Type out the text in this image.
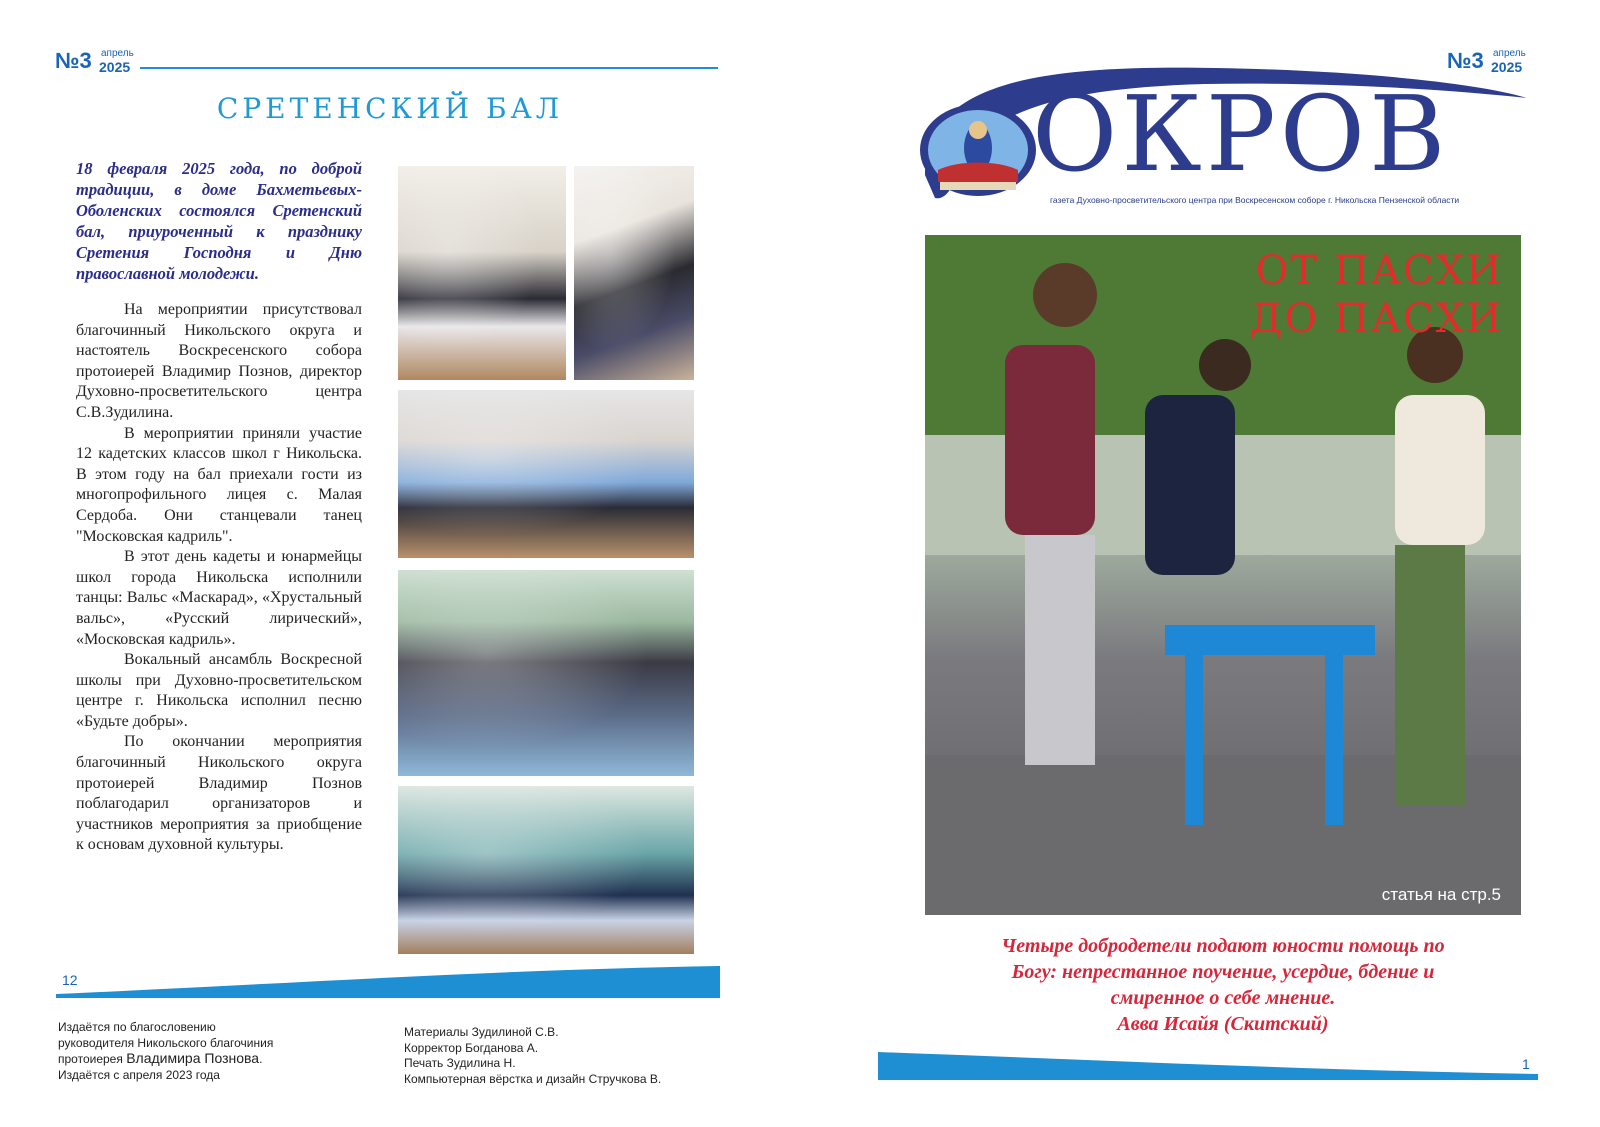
№3 апрель
2025
СРЕТЕНСКИЙ БАЛ
18 февраля 2025 года, по доброй традиции, в доме Бахметьевых-Оболенских состоялся Сретенский бал, приуроченный к празднику Сретения Господня и Дню православной молодежи.

На мероприятии присутствовал благочинный Никольского округа и настоятель Воскресенского собора протоиерей Владимир Познов, директор Духовно-просветительского центра С.В.Зудилина.

В мероприятии приняли участие 12 кадетских классов школ г Никольска. В этом году на бал приехали гости из многопрофильного лицея с. Малая Сердоба. Они станцевали танец "Московская кадриль".

В этот день кадеты и юнармейцы школ города Никольска исполнили танцы: Вальс «Маскарад», «Хрустальный вальс», «Русский лирический», «Московская кадриль».

Вокальный ансамбль Воскресной школы при Духовно-просветительском центре г. Никольска исполнил песню «Будьте добры».

По окончании мероприятия благочинный Никольского округа протоиерей Владимир Познов поблагодарил организаторов и участников мероприятия за приобщение к основам духовной культуры.

12
Издаётся по благословению
руководителя Никольского благочиния
протоиерея Владимира Познова.
Издаётся с апреля 2023 года
Материалы Зудилиной С.В.
Корректор Богданова А.
Печать Зудилина Н.
Компьютерная вёрстка и дизайн Стручкова В.
№3 апрель
2025
ОКРОВ
газета Духовно-просветительского центра при Воскресенском соборе г. Никольска Пензенской области
ОТ ПАСХИ
ДО ПАСХИ
статья на стр.5
Четыре добродетели подают юности помощь по
Богу: непрестанное поучение, усердие, бдение и
смиренное о себе мнение.
Авва Исайя (Скитский)
1
